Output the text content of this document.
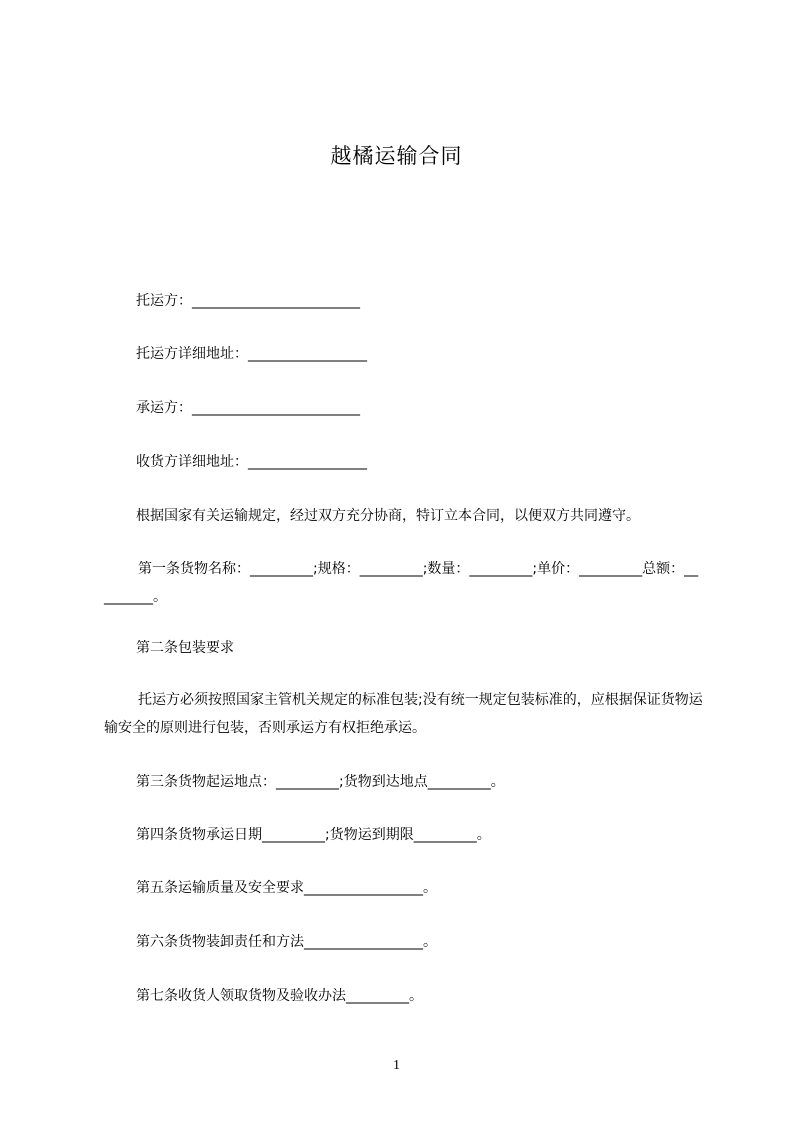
越橘运输合同
托运方：________________________
托运方详细地址：_________________
承运方：________________________
收货方详细地址：_________________
根据国家有关运输规定，经过双方充分协商，特订立本合同，以便双方共同遵守。
第一条货物名称：_________;规格：_________;数量：_________;单价：_________总额：_________。
第二条包装要求
托运方必须按照国家主管机关规定的标准包装;没有统一规定包装标准的，应根据保证货物运输安全的原则进行包装，否则承运方有权拒绝承运。
第三条货物起运地点：_________;货物到达地点_________。
第四条货物承运日期_________;货物运到期限_________。
第五条运输质量及安全要求_________________。
第六条货物装卸责任和方法_________________。
第七条收货人领取货物及验收办法_________。
1
